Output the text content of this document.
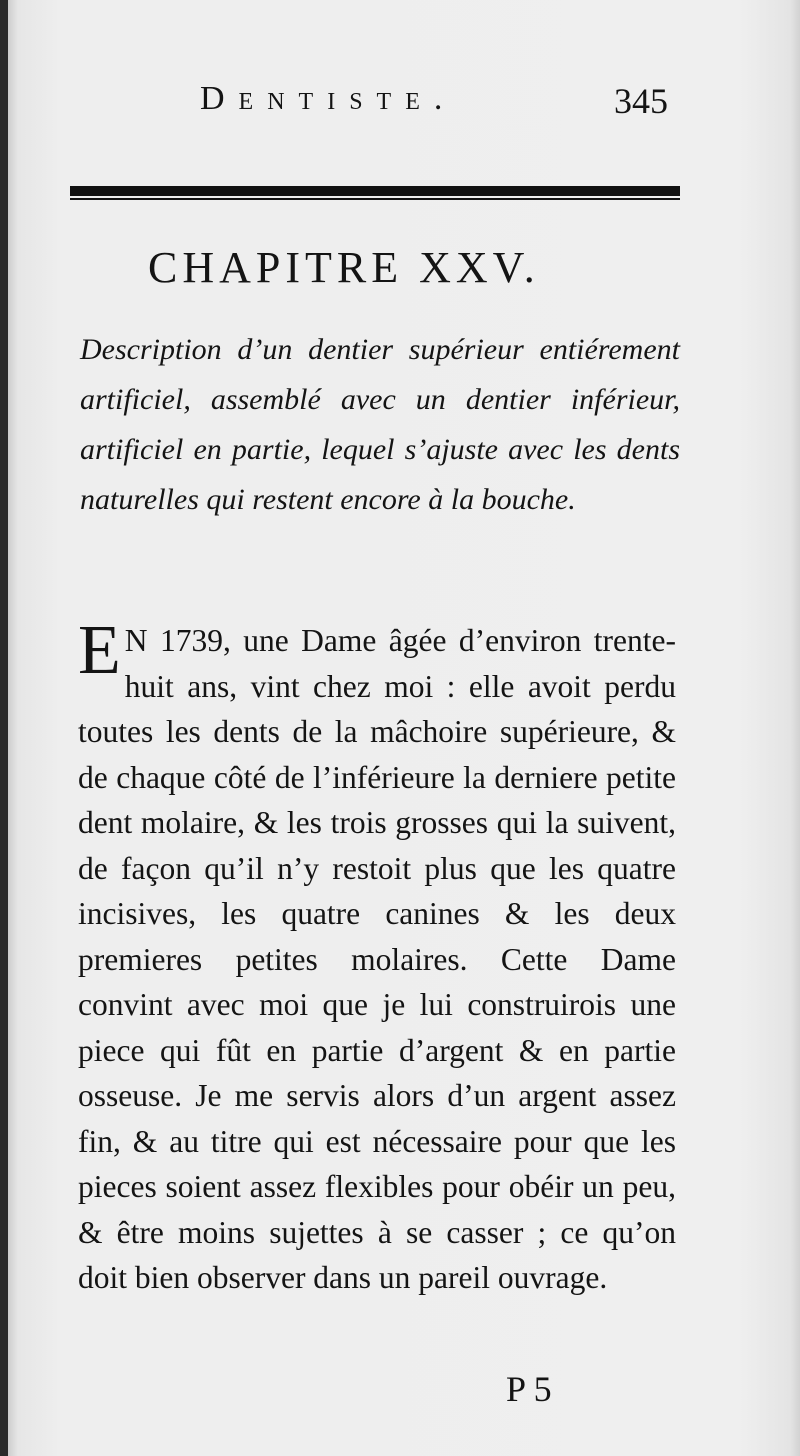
Dentiste.	345
CHAPITRE XXV.
Description d’un dentier supérieur entiérement artificiel, assemblé avec un dentier inférieur, artificiel en partie, lequel s’ajuste avec les dents naturelles qui restent encore à la bouche.
E N 1739, une Dame âgée d’environ trente-huit ans, vint chez moi : elle avoit perdu toutes les dents de la mâchoire supérieure, & de chaque côté de l’inférieure la derniere petite dent molaire, & les trois grosses qui la suivent, de façon qu’il n’y restoit plus que les quatre incisives, les quatre canines & les deux premieres petites molaires. Cette Dame convint avec moi que je lui construirois une piece qui fût en partie d’argent & en partie osseuse. Je me servis alors d’un argent assez fin, & au titre qui est nécessaire pour que les pieces soient assez flexibles pour obéir un peu, & être moins sujettes à se casser ; ce qu’on doit bien observer dans un pareil ouvrage.
P 5
